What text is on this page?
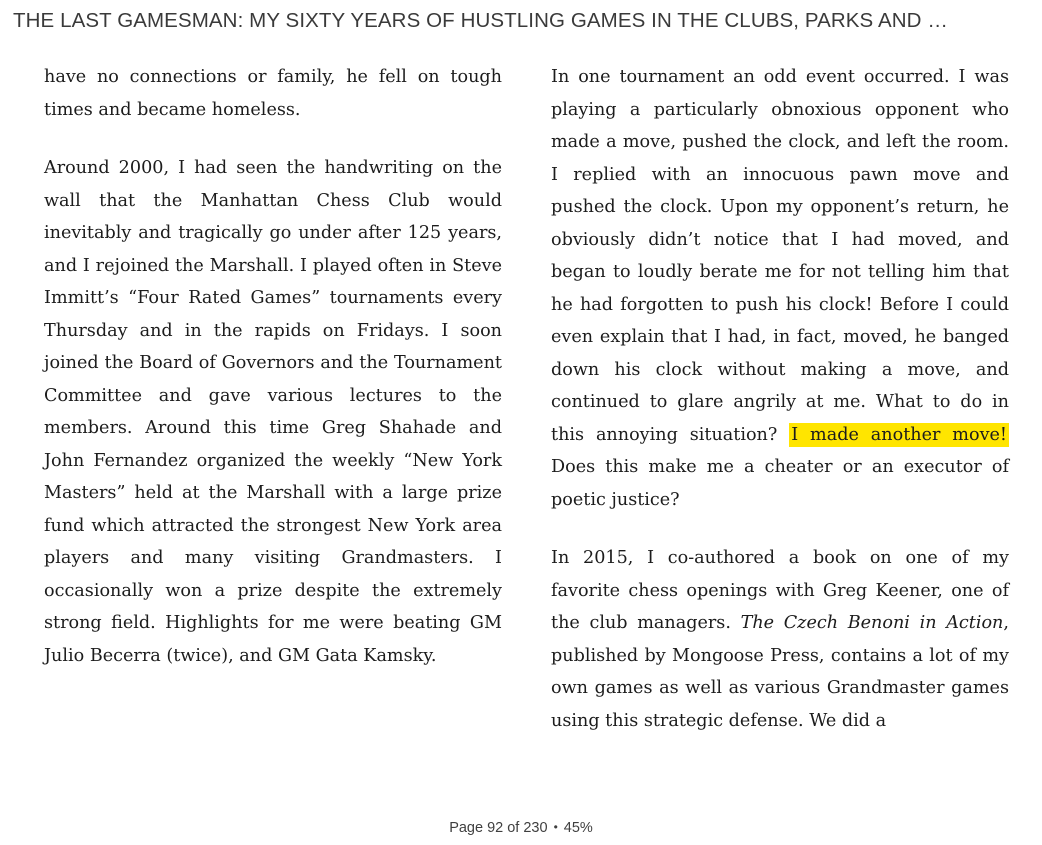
THE LAST GAMESMAN: MY SIXTY YEARS OF HUSTLING GAMES IN THE CLUBS, PARKS AND …

have no connections or family, he fell on tough times and became homeless.

Around 2000, I had seen the handwriting on the wall that the Manhattan Chess Club would inevitably and tragically go under after 125 years, and I rejoined the Marshall. I played often in Steve Immitt’s “Four Rated Games” tournaments every Thursday and in the rapids on Fridays. I soon joined the Board of Governors and the Tournament Committee and gave various lectures to the members. Around this time Greg Shahade and John Fernandez organized the weekly “New York Masters” held at the Marshall with a large prize fund which attracted the strongest New York area players and many visiting Grandmasters. I occasionally won a prize despite the extremely strong field. Highlights for me were beating GM Julio Becerra (twice), and GM Gata Kamsky.

In one tournament an odd event occurred. I was playing a particularly obnoxious opponent who made a move, pushed the clock, and left the room. I replied with an innocuous pawn move and pushed the clock. Upon my opponent’s return, he obviously didn’t notice that I had moved, and began to loudly berate me for not telling him that he had forgotten to push his clock! Before I could even explain that I had, in fact, moved, he banged down his clock without making a move, and continued to glare angrily at me. What to do in this annoying situation? I made another move! Does this make me a cheater or an executor of poetic justice?

In 2015, I co-authored a book on one of my favorite chess openings with Greg Keener, one of the club managers. The Czech Benoni in Action, published by Mongoose Press, contains a lot of my own games as well as various Grandmaster games using this strategic defense. We did a

Page 92 of 230 • 45%
